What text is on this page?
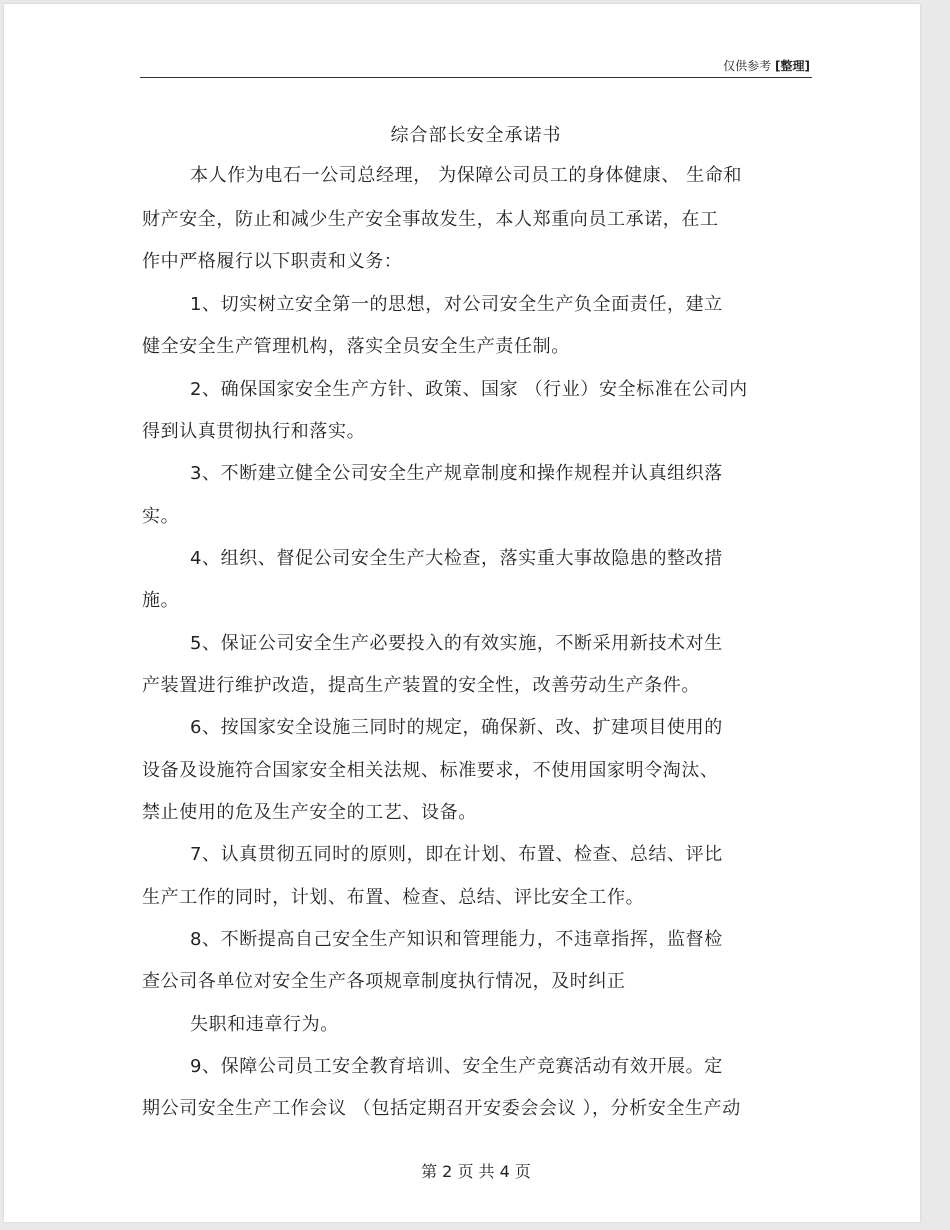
仅供参考 [整理]
综合部长安全承诺书
本人作为电石一公司总经理， 为保障公司员工的身体健康、 生命和
财产安全，防止和减少生产安全事故发生，本人郑重向员工承诺，在工
作中严格履行以下职责和义务：
1、切实树立安全第一的思想，对公司安全生产负全面责任，建立
健全安全生产管理机构，落实全员安全生产责任制。
2、确保国家安全生产方针、政策、国家 （行业）安全标准在公司内
得到认真贯彻执行和落实。
3、不断建立健全公司安全生产规章制度和操作规程并认真组织落
实。
4、组织、督促公司安全生产大检查，落实重大事故隐患的整改措
施。
5、保证公司安全生产必要投入的有效实施，不断采用新技术对生
产装置进行维护改造，提高生产装置的安全性，改善劳动生产条件。
6、按国家安全设施三同时的规定，确保新、改、扩建项目使用的
设备及设施符合国家安全相关法规、标准要求，不使用国家明令淘汰、
禁止使用的危及生产安全的工艺、设备。
7、认真贯彻五同时的原则，即在计划、布置、检查、总结、评比
生产工作的同时，计划、布置、检查、总结、评比安全工作。
8、不断提高自己安全生产知识和管理能力，不违章指挥，监督检
查公司各单位对安全生产各项规章制度执行情况，及时纠正
失职和违章行为。
9、保障公司员工安全教育培训、安全生产竞赛活动有效开展。定
期公司安全生产工作会议 （包括定期召开安委会会议 ），分析安全生产动
第 2 页 共 4 页
